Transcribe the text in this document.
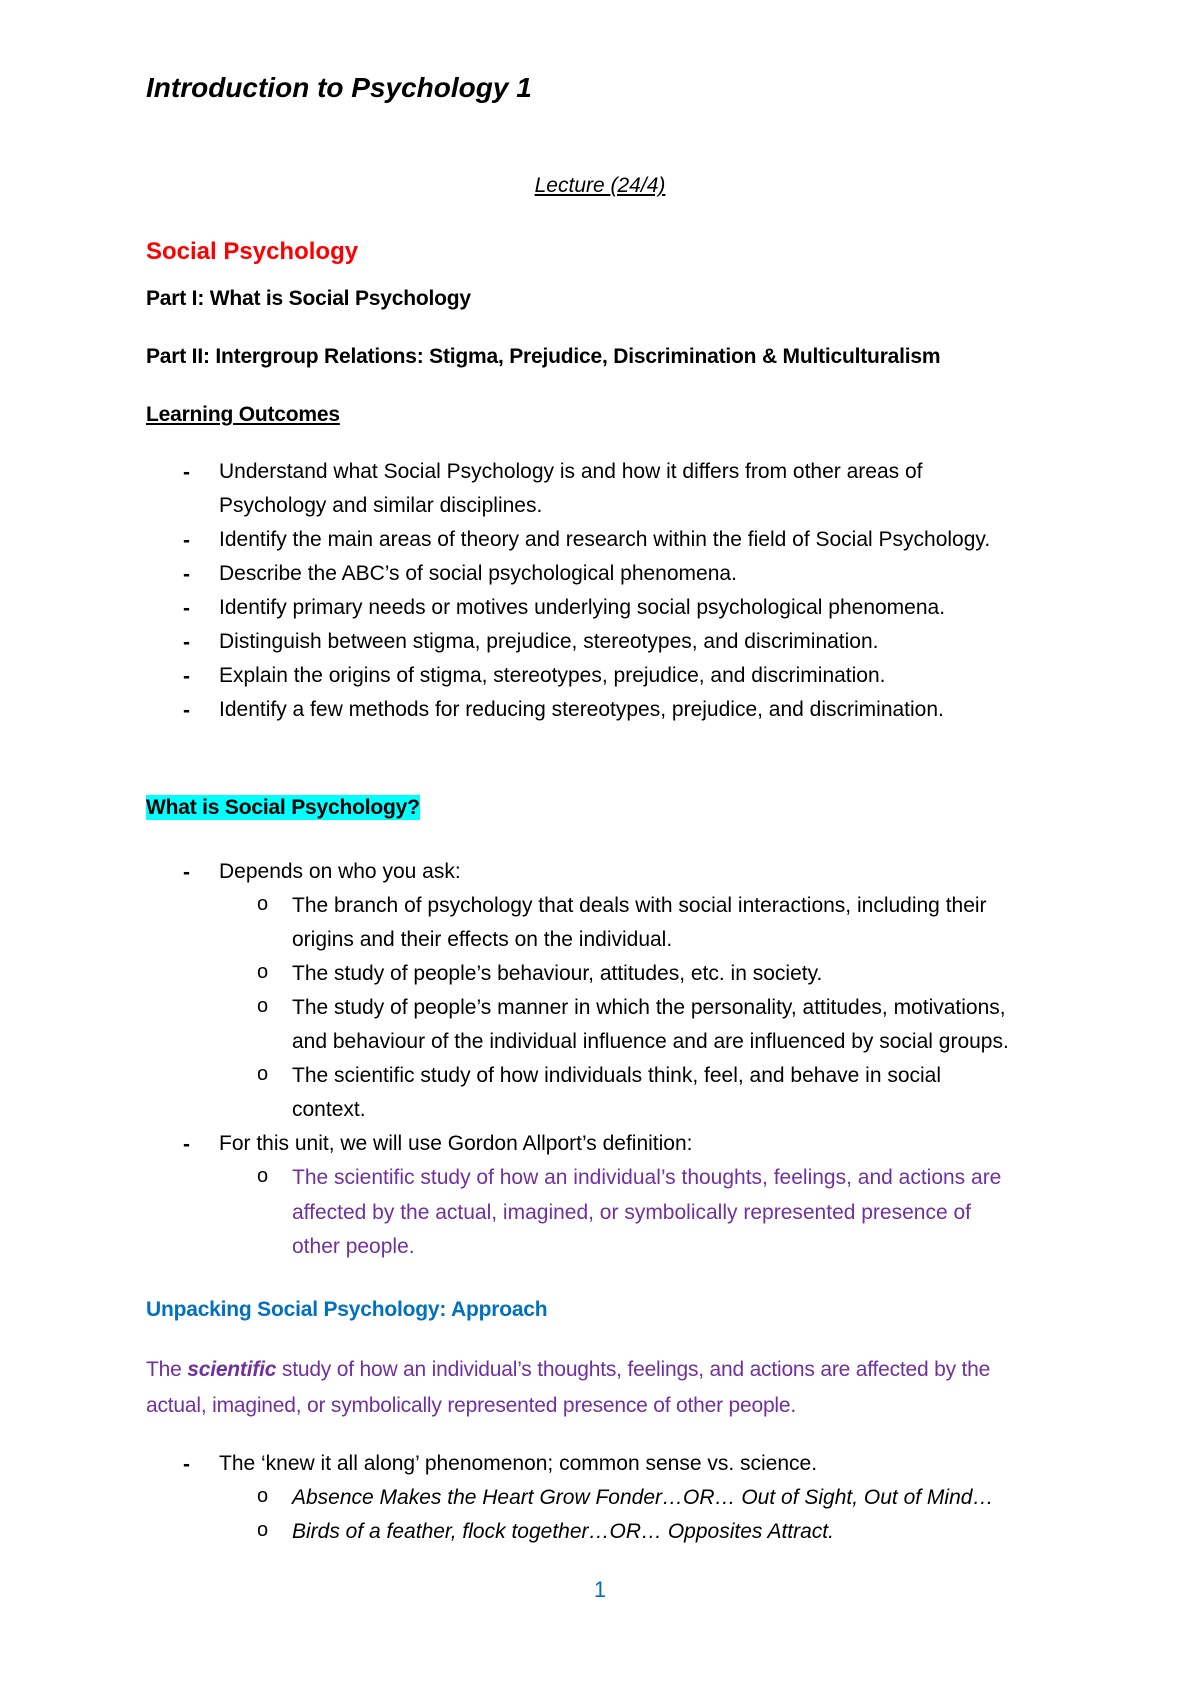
Introduction to Psychology 1
Lecture (24/4)
Social Psychology
Part I: What is Social Psychology
Part II: Intergroup Relations: Stigma, Prejudice, Discrimination & Multiculturalism
Learning Outcomes
- Understand what Social Psychology is and how it differs from other areas of
Psychology and similar disciplines.
- Identify the main areas of theory and research within the field of Social Psychology.
- Describe the ABC’s of social psychological phenomena.
- Identify primary needs or motives underlying social psychological phenomena.
- Distinguish between stigma, prejudice, stereotypes, and discrimination.
- Explain the origins of stigma, stereotypes, prejudice, and discrimination.
- Identify a few methods for reducing stereotypes, prejudice, and discrimination.
What is Social Psychology?
- Depends on who you ask:
o The branch of psychology that deals with social interactions, including their
origins and their effects on the individual.
o The study of people’s behaviour, attitudes, etc. in society.
o The study of people’s manner in which the personality, attitudes, motivations,
and behaviour of the individual influence and are influenced by social groups.
o The scientific study of how individuals think, feel, and behave in social
context.
- For this unit, we will use Gordon Allport’s definition:
o The scientific study of how an individual’s thoughts, feelings, and actions are
affected by the actual, imagined, or symbolically represented presence of
other people.
Unpacking Social Psychology: Approach
The scientific study of how an individual’s thoughts, feelings, and actions are affected by the
actual, imagined, or symbolically represented presence of other people.
- The ‘knew it all along’ phenomenon; common sense vs. science.
o Absence Makes the Heart Grow Fonder…OR… Out of Sight, Out of Mind…
o Birds of a feather, flock together…OR… Opposites Attract.
1
